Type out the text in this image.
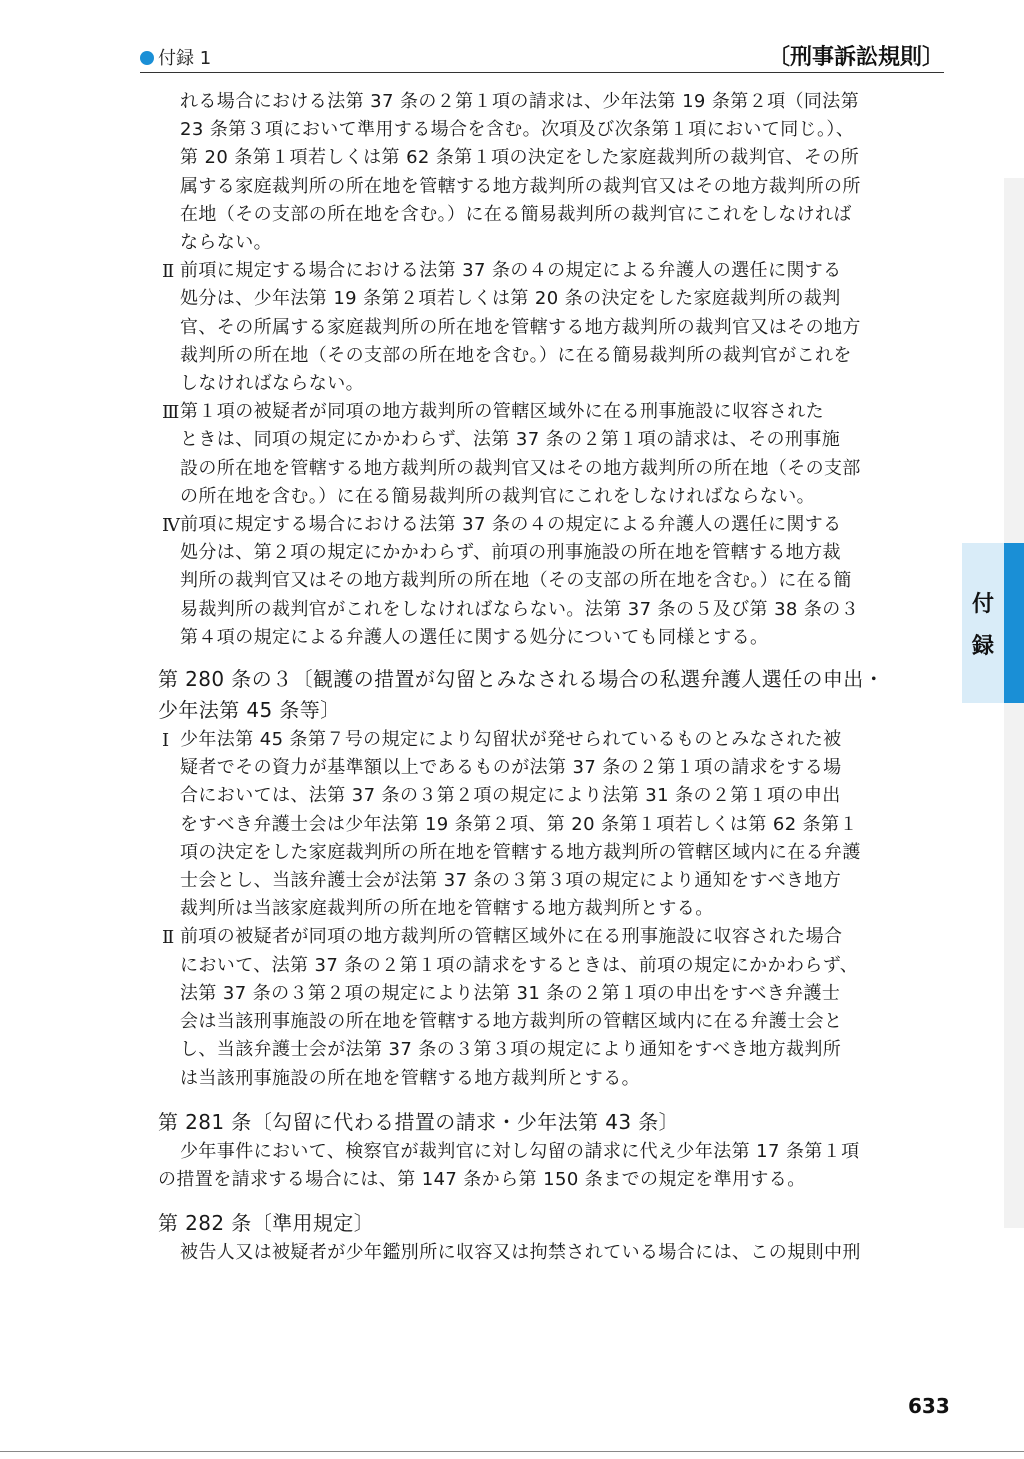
付録 1	〔刑事訴訟規則〕
付
録
れる場合における法第 37 条の２第１項の請求は、少年法第 19 条第２項（同法第
23 条第３項において準用する場合を含む。次項及び次条第１項において同じ。）、
第 20 条第１項若しくは第 62 条第１項の決定をした家庭裁判所の裁判官、その所
属する家庭裁判所の所在地を管轄する地方裁判所の裁判官又はその地方裁判所の所
在地（その支部の所在地を含む。）に在る簡易裁判所の裁判官にこれをしなければ
ならない。
Ⅱ 前項に規定する場合における法第 37 条の４の規定による弁護人の選任に関する
処分は、少年法第 19 条第２項若しくは第 20 条の決定をした家庭裁判所の裁判
官、その所属する家庭裁判所の所在地を管轄する地方裁判所の裁判官又はその地方
裁判所の所在地（その支部の所在地を含む。）に在る簡易裁判所の裁判官がこれを
しなければならない。
Ⅲ 第１項の被疑者が同項の地方裁判所の管轄区域外に在る刑事施設に収容された
ときは、同項の規定にかかわらず、法第 37 条の２第１項の請求は、その刑事施
設の所在地を管轄する地方裁判所の裁判官又はその地方裁判所の所在地（その支部
の所在地を含む。）に在る簡易裁判所の裁判官にこれをしなければならない。
Ⅳ 前項に規定する場合における法第 37 条の４の規定による弁護人の選任に関する
処分は、第２項の規定にかかわらず、前項の刑事施設の所在地を管轄する地方裁
判所の裁判官又はその地方裁判所の所在地（その支部の所在地を含む。）に在る簡
易裁判所の裁判官がこれをしなければならない。法第 37 条の５及び第 38 条の３
第４項の規定による弁護人の選任に関する処分についても同様とする。
第 280 条の３〔観護の措置が勾留とみなされる場合の私選弁護人選任の申出・
少年法第 45 条等〕
Ⅰ 少年法第 45 条第７号の規定により勾留状が発せられているものとみなされた被
疑者でその資力が基準額以上であるものが法第 37 条の２第１項の請求をする場
合においては、法第 37 条の３第２項の規定により法第 31 条の２第１項の申出
をすべき弁護士会は少年法第 19 条第２項、第 20 条第１項若しくは第 62 条第１
項の決定をした家庭裁判所の所在地を管轄する地方裁判所の管轄区域内に在る弁護
士会とし、当該弁護士会が法第 37 条の３第３項の規定により通知をすべき地方
裁判所は当該家庭裁判所の所在地を管轄する地方裁判所とする。
Ⅱ 前項の被疑者が同項の地方裁判所の管轄区域外に在る刑事施設に収容された場合
において、法第 37 条の２第１項の請求をするときは、前項の規定にかかわらず、
法第 37 条の３第２項の規定により法第 31 条の２第１項の申出をすべき弁護士
会は当該刑事施設の所在地を管轄する地方裁判所の管轄区域内に在る弁護士会と
し、当該弁護士会が法第 37 条の３第３項の規定により通知をすべき地方裁判所
は当該刑事施設の所在地を管轄する地方裁判所とする。
第 281 条〔勾留に代わる措置の請求・少年法第 43 条〕
少年事件において、検察官が裁判官に対し勾留の請求に代え少年法第 17 条第１項
の措置を請求する場合には、第 147 条から第 150 条までの規定を準用する。
第 282 条〔準用規定〕
被告人又は被疑者が少年鑑別所に収容又は拘禁されている場合には、この規則中刑
633
